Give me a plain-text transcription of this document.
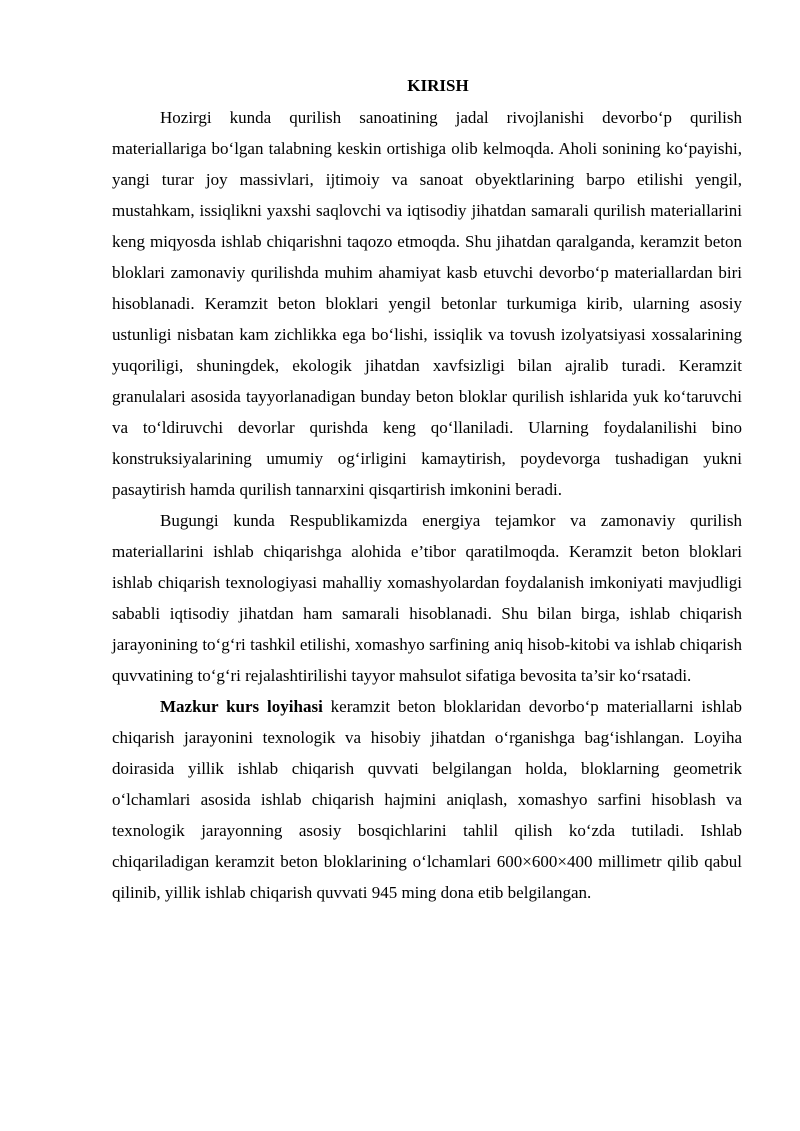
KIRISH

Hozirgi kunda qurilish sanoatining jadal rivojlanishi devorbo‘p qurilish materiallariga bo‘lgan talabning keskin ortishiga olib kelmoqda. Aholi sonining ko‘payishi, yangi turar joy massivlari, ijtimoiy va sanoat obyektlarining barpo etilishi yengil, mustahkam, issiqlikni yaxshi saqlovchi va iqtisodiy jihatdan samarali qurilish materiallarini keng miqyosda ishlab chiqarishni taqozo etmoqda. Shu jihatdan qaralganda, keramzit beton bloklari zamonaviy qurilishda muhim ahamiyat kasb etuvchi devorbo‘p materiallardan biri hisoblanadi. Keramzit beton bloklari yengil betonlar turkumiga kirib, ularning asosiy ustunligi nisbatan kam zichlikka ega bo‘lishi, issiqlik va tovush izolyatsiyasi xossalarining yuqoriligi, shuningdek, ekologik jihatdan xavfsizligi bilan ajralib turadi. Keramzit granulalari asosida tayyorlanadigan bunday beton bloklar qurilish ishlarida yuk ko‘taruvchi va to‘ldiruvchi devorlar qurishda keng qo‘llaniladi. Ularning foydalanilishi bino konstruksiyalarining umumiy og‘irligini kamaytirish, poydevorga tushadigan yukni pasaytirish hamda qurilish tannarxini qisqartirish imkonini beradi.

Bugungi kunda Respublikamizda energiya tejamkor va zamonaviy qurilish materiallarini ishlab chiqarishga alohida e’tibor qaratilmoqda. Keramzit beton bloklari ishlab chiqarish texnologiyasi mahalliy xomashyolardan foydalanish imkoniyati mavjudligi sababli iqtisodiy jihatdan ham samarali hisoblanadi. Shu bilan birga, ishlab chiqarish jarayonining to‘g‘ri tashkil etilishi, xomashyo sarfining aniq hisob-kitobi va ishlab chiqarish quvvatining to‘g‘ri rejalashtirilishi tayyor mahsulot sifatiga bevosita ta’sir ko‘rsatadi.

Mazkur kurs loyihasi keramzit beton bloklaridan devorbo‘p materiallarni ishlab chiqarish jarayonini texnologik va hisobiy jihatdan o‘rganishga bag‘ishlangan. Loyiha doirasida yillik ishlab chiqarish quvvati belgilangan holda, bloklarning geometrik o‘lchamlari asosida ishlab chiqarish hajmini aniqlash, xomashyo sarfini hisoblash va texnologik jarayonning asosiy bosqichlarini tahlil qilish ko‘zda tutiladi. Ishlab chiqariladigan keramzit beton bloklarining o‘lchamlari 600×600×400 millimetr qilib qabul qilinib, yillik ishlab chiqarish quvvati 945 ming dona etib belgilangan.
